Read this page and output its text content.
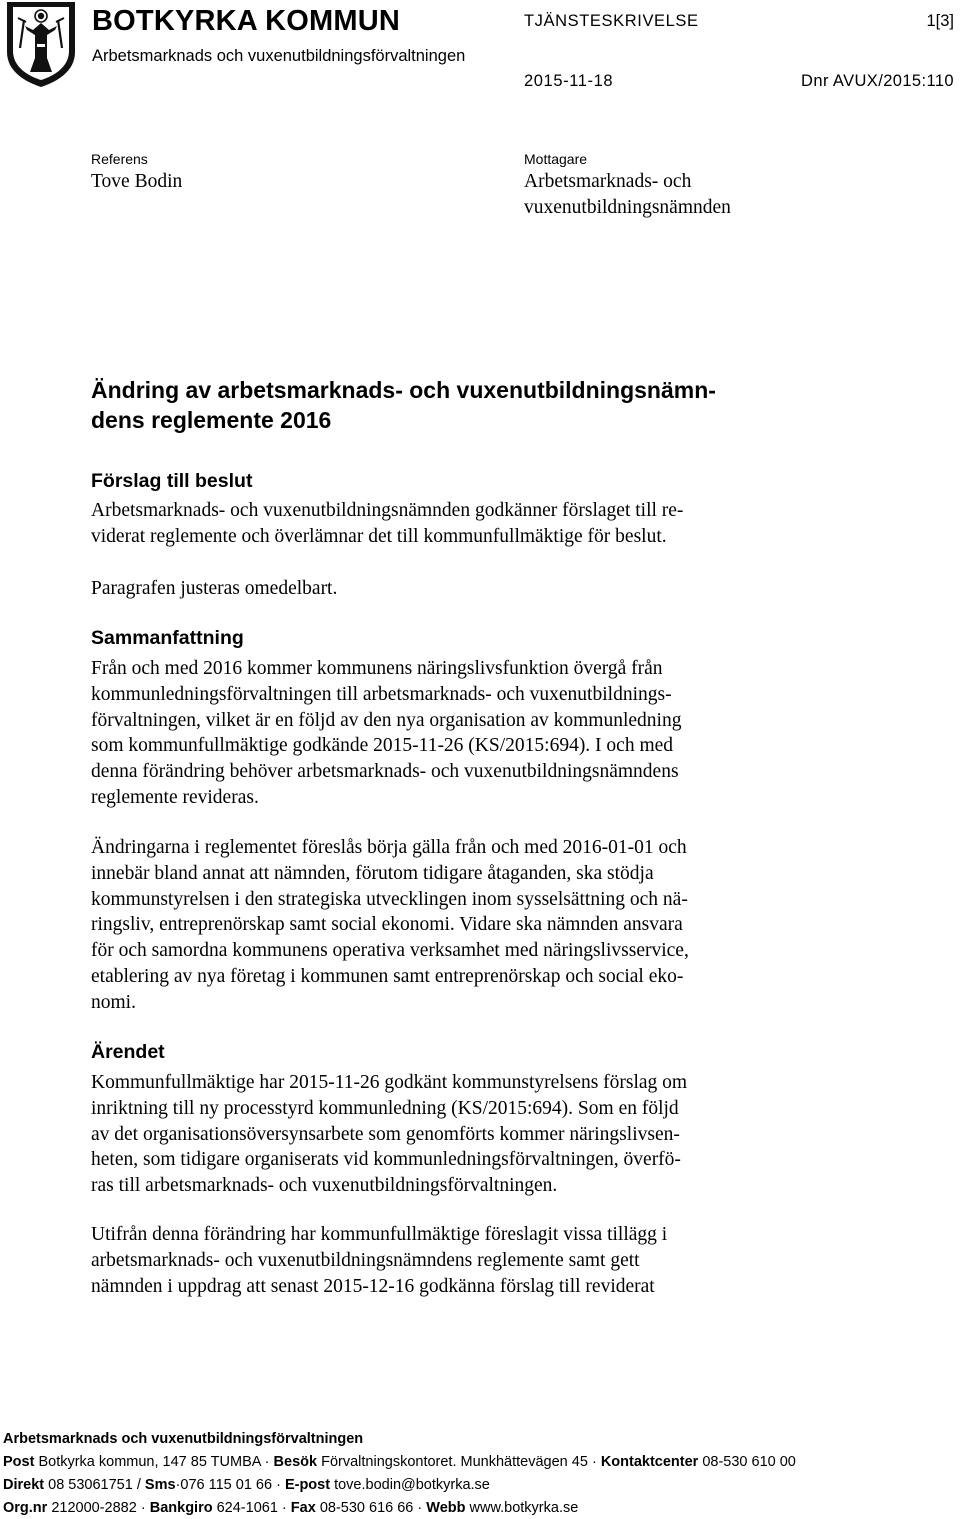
BOTKYRKA KOMMUN
Arbetsmarknads och vuxenutbildningsförvaltningen
TJÄNSTESKRIVELSE	1[3]
2015-11-18	Dnr AVUX/2015:110
Referens
Tove Bodin
Mottagare
Arbetsmarknads- och
vuxenutbildningsnämnden
Ändring av arbetsmarknads- och vuxenutbildningsnämn-
dens reglemente 2016
Förslag till beslut
Arbetsmarknads- och vuxenutbildningsnämnden godkänner förslaget till re-
viderat reglemente och överlämnar det till kommunfullmäktige för beslut.
Paragrafen justeras omedelbart.
Sammanfattning
Från och med 2016 kommer kommunens näringslivsfunktion övergå från
kommunledningsförvaltningen till arbetsmarknads- och vuxenutbildnings-
förvaltningen, vilket är en följd av den nya organisation av kommunledning
som kommunfullmäktige godkände 2015-11-26 (KS/2015:694). I och med
denna förändring behöver arbetsmarknads- och vuxenutbildningsnämndens
reglemente revideras.
Ändringarna i reglementet föreslås börja gälla från och med 2016-01-01 och
innebär bland annat att nämnden, förutom tidigare åtaganden, ska stödja
kommunstyrelsen i den strategiska utvecklingen inom sysselsättning och nä-
ringsliv, entreprenörskap samt social ekonomi. Vidare ska nämnden ansvara
för och samordna kommunens operativa verksamhet med näringslivsservice,
etablering av nya företag i kommunen samt entreprenörskap och social eko-
nomi.
Ärendet
Kommunfullmäktige har 2015-11-26 godkänt kommunstyrelsens förslag om
inriktning till ny processtyrd kommunledning (KS/2015:694). Som en följd
av det organisationsöversynsarbete som genomförts kommer näringslivsen-
heten, som tidigare organiserats vid kommunledningsförvaltningen, överfö-
ras till arbetsmarknads- och vuxenutbildningsförvaltningen.
Utifrån denna förändring har kommunfullmäktige föreslagit vissa tillägg i
arbetsmarknads- och vuxenutbildningsnämndens reglemente samt gett
nämnden i uppdrag att senast 2015-12-16 godkänna förslag till reviderat
Arbetsmarknads och vuxenutbildningsförvaltningen
Post Botkyrka kommun, 147 85 TUMBA · Besök Förvaltningskontoret. Munkhättevägen 45 · Kontaktcenter 08-530 610 00
Direkt 08 53061751 / Sms·076 115 01 66 · E-post tove.bodin@botkyrka.se
Org.nr 212000-2882 · Bankgiro 624-1061 · Fax 08-530 616 66 · Webb www.botkyrka.se
